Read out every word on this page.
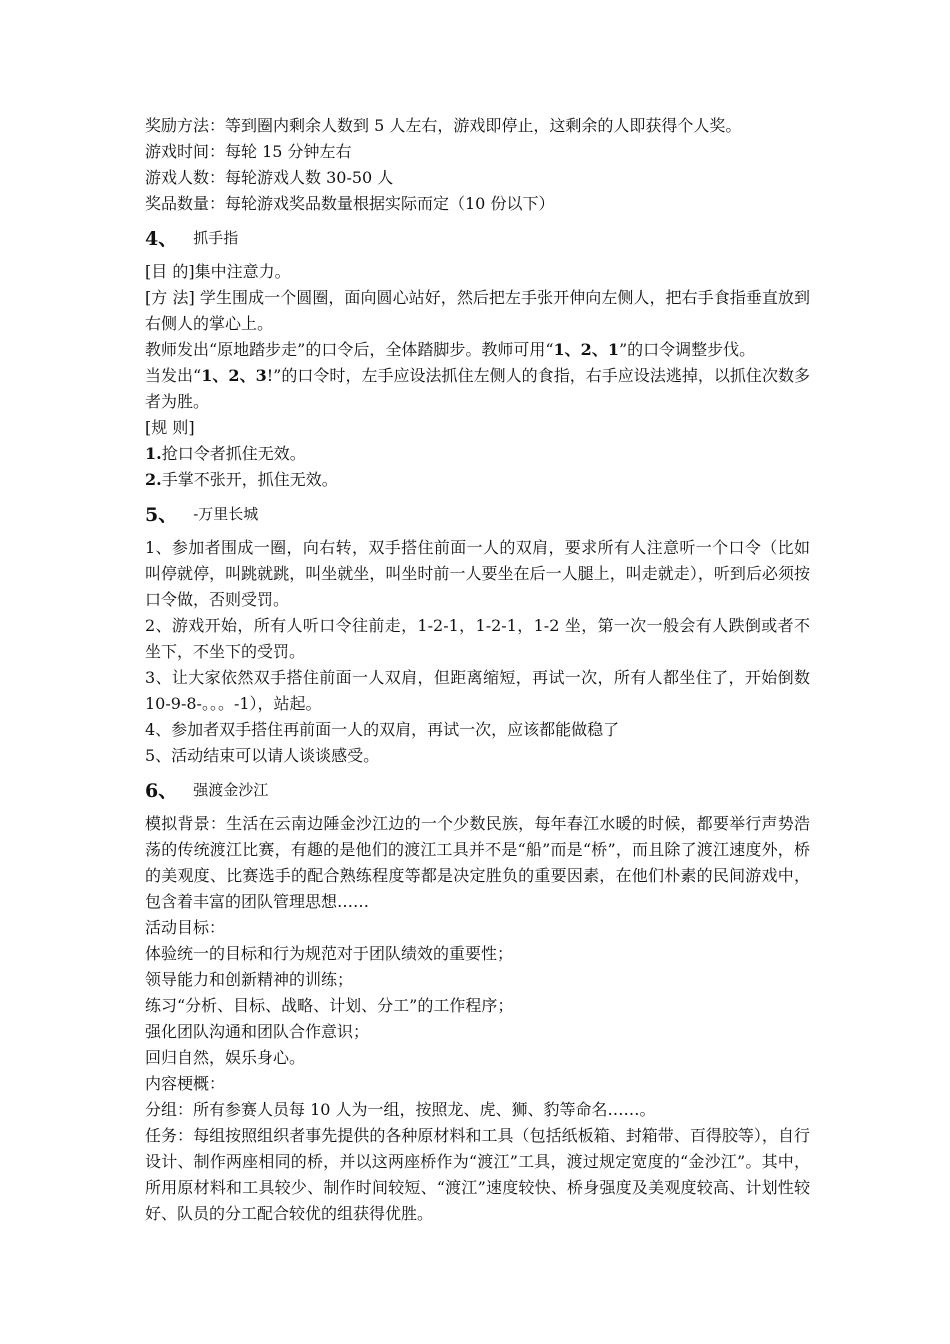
奖励方法：等到圈内剩余人数到 5 人左右，游戏即停止，这剩余的人即获得个人奖。

游戏时间：每轮 15 分钟左右

游戏人数：每轮游戏人数 30-50 人

奖品数量：每轮游戏奖品数量根据实际而定（10 份以下）

4、 抓手指

[目 的]集中注意力。

[方 法] 学生围成一个圆圈，面向圆心站好，然后把左手张开伸向左侧人，把右手食指垂直放到右侧人的掌心上。

教师发出“原地踏步走”的口令后，全体踏脚步。教师可用“1、2、1”的口令调整步伐。

当发出“1、2、3!”的口令时，左手应设法抓住左侧人的食指，右手应设法逃掉，以抓住次数多者为胜。

[规 则]

1.抢口令者抓住无效。

2.手掌不张开，抓住无效。

5、 -万里长城

1、参加者围成一圈，向右转，双手搭住前面一人的双肩，要求所有人注意听一个口令（比如叫停就停，叫跳就跳，叫坐就坐，叫坐时前一人要坐在后一人腿上，叫走就走），听到后必须按口令做，否则受罚。

2、游戏开始，所有人听口令往前走，1-2-1，1-2-1，1-2 坐，第一次一般会有人跌倒或者不坐下，不坐下的受罚。

3、让大家依然双手搭住前面一人双肩，但距离缩短，再试一次，所有人都坐住了，开始倒数 10-9-8-。。。-1），站起。

4、参加者双手搭住再前面一人的双肩，再试一次，应该都能做稳了

5、活动结束可以请人谈谈感受。

6、 强渡金沙江

模拟背景：生活在云南边陲金沙江边的一个少数民族，每年春江水暖的时候，都要举行声势浩荡的传统渡江比赛，有趣的是他们的渡江工具并不是“船”而是“桥”，而且除了渡江速度外，桥的美观度、比赛选手的配合熟练程度等都是决定胜负的重要因素，在他们朴素的民间游戏中，包含着丰富的团队管理思想……

活动目标：

体验统一的目标和行为规范对于团队绩效的重要性；

领导能力和创新精神的训练；

练习“分析、目标、战略、计划、分工”的工作程序；

强化团队沟通和团队合作意识；

回归自然，娱乐身心。

内容梗概：

分组：所有参赛人员每 10 人为一组，按照龙、虎、狮、豹等命名……。

任务：每组按照组织者事先提供的各种原材料和工具（包括纸板箱、封箱带、百得胶等），自行设计、制作两座相同的桥，并以这两座桥作为“渡江”工具，渡过规定宽度的“金沙江”。其中，所用原材料和工具较少、制作时间较短、“渡江”速度较快、桥身强度及美观度较高、计划性较好、队员的分工配合较优的组获得优胜。
